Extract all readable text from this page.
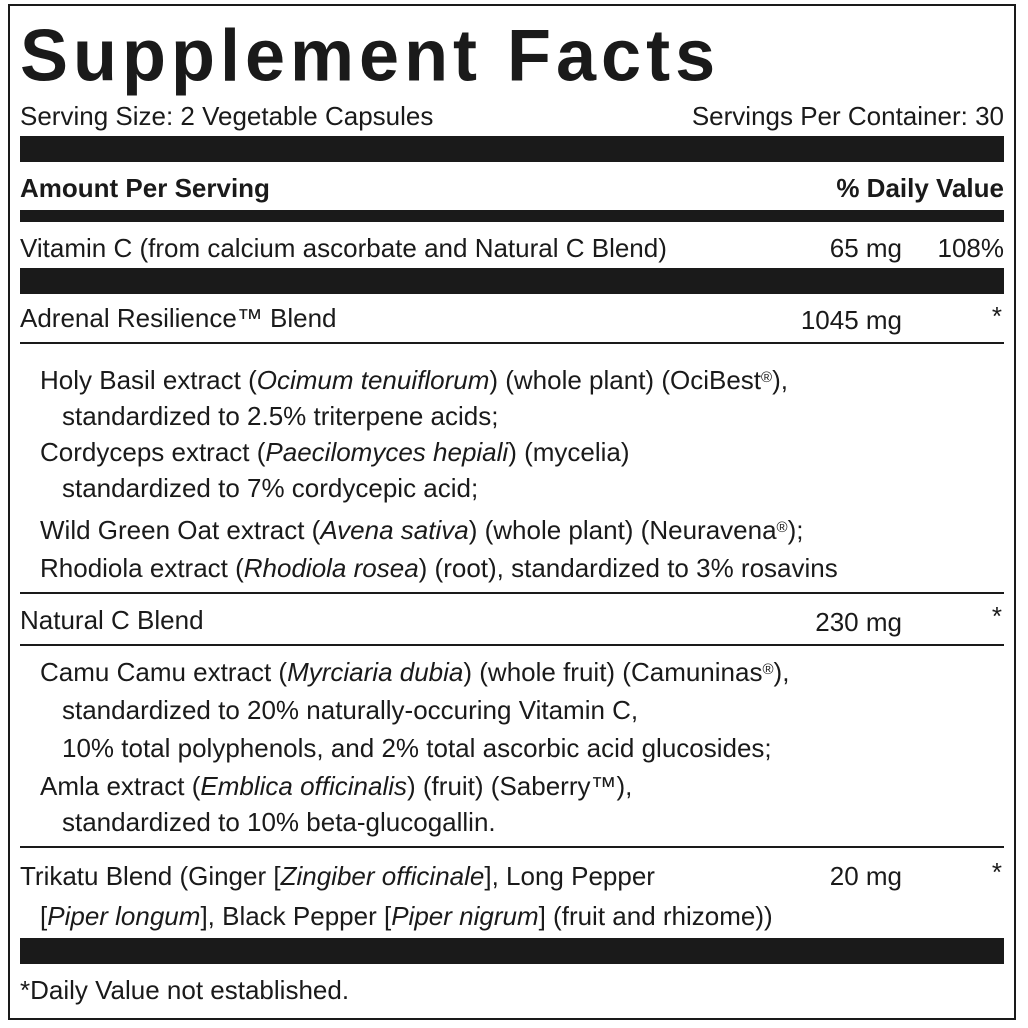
Supplement Facts
Serving Size: 2 Vegetable Capsules	Servings Per Container: 30
Amount Per Serving	% Daily Value
Vitamin C (from calcium ascorbate and Natural C Blend)	65 mg 108%
Adrenal Resilience™ Blend	1045 mg	*
Holy Basil extract (Ocimum tenuiflorum) (whole plant) (OciBest®),
standardized to 2.5% triterpene acids;
Cordyceps extract (Paecilomyces hepiali) (mycelia)
standardized to 7% cordycepic acid;
Wild Green Oat extract (Avena sativa) (whole plant) (Neuravena®);
Rhodiola extract (Rhodiola rosea) (root), standardized to 3% rosavins
Natural C Blend	230 mg	*
Camu Camu extract (Myrciaria dubia) (whole fruit) (Camuninas®),
standardized to 20% naturally-occuring Vitamin C,
10% total polyphenols, and 2% total ascorbic acid glucosides;
Amla extract (Emblica officinalis) (fruit) (Saberry™),
standardized to 10% beta-glucogallin.
Trikatu Blend (Ginger [Zingiber officinale], Long Pepper
[Piper longum], Black Pepper [Piper nigrum] (fruit and rhizome))
20 mg	*
*Daily Value not established.
